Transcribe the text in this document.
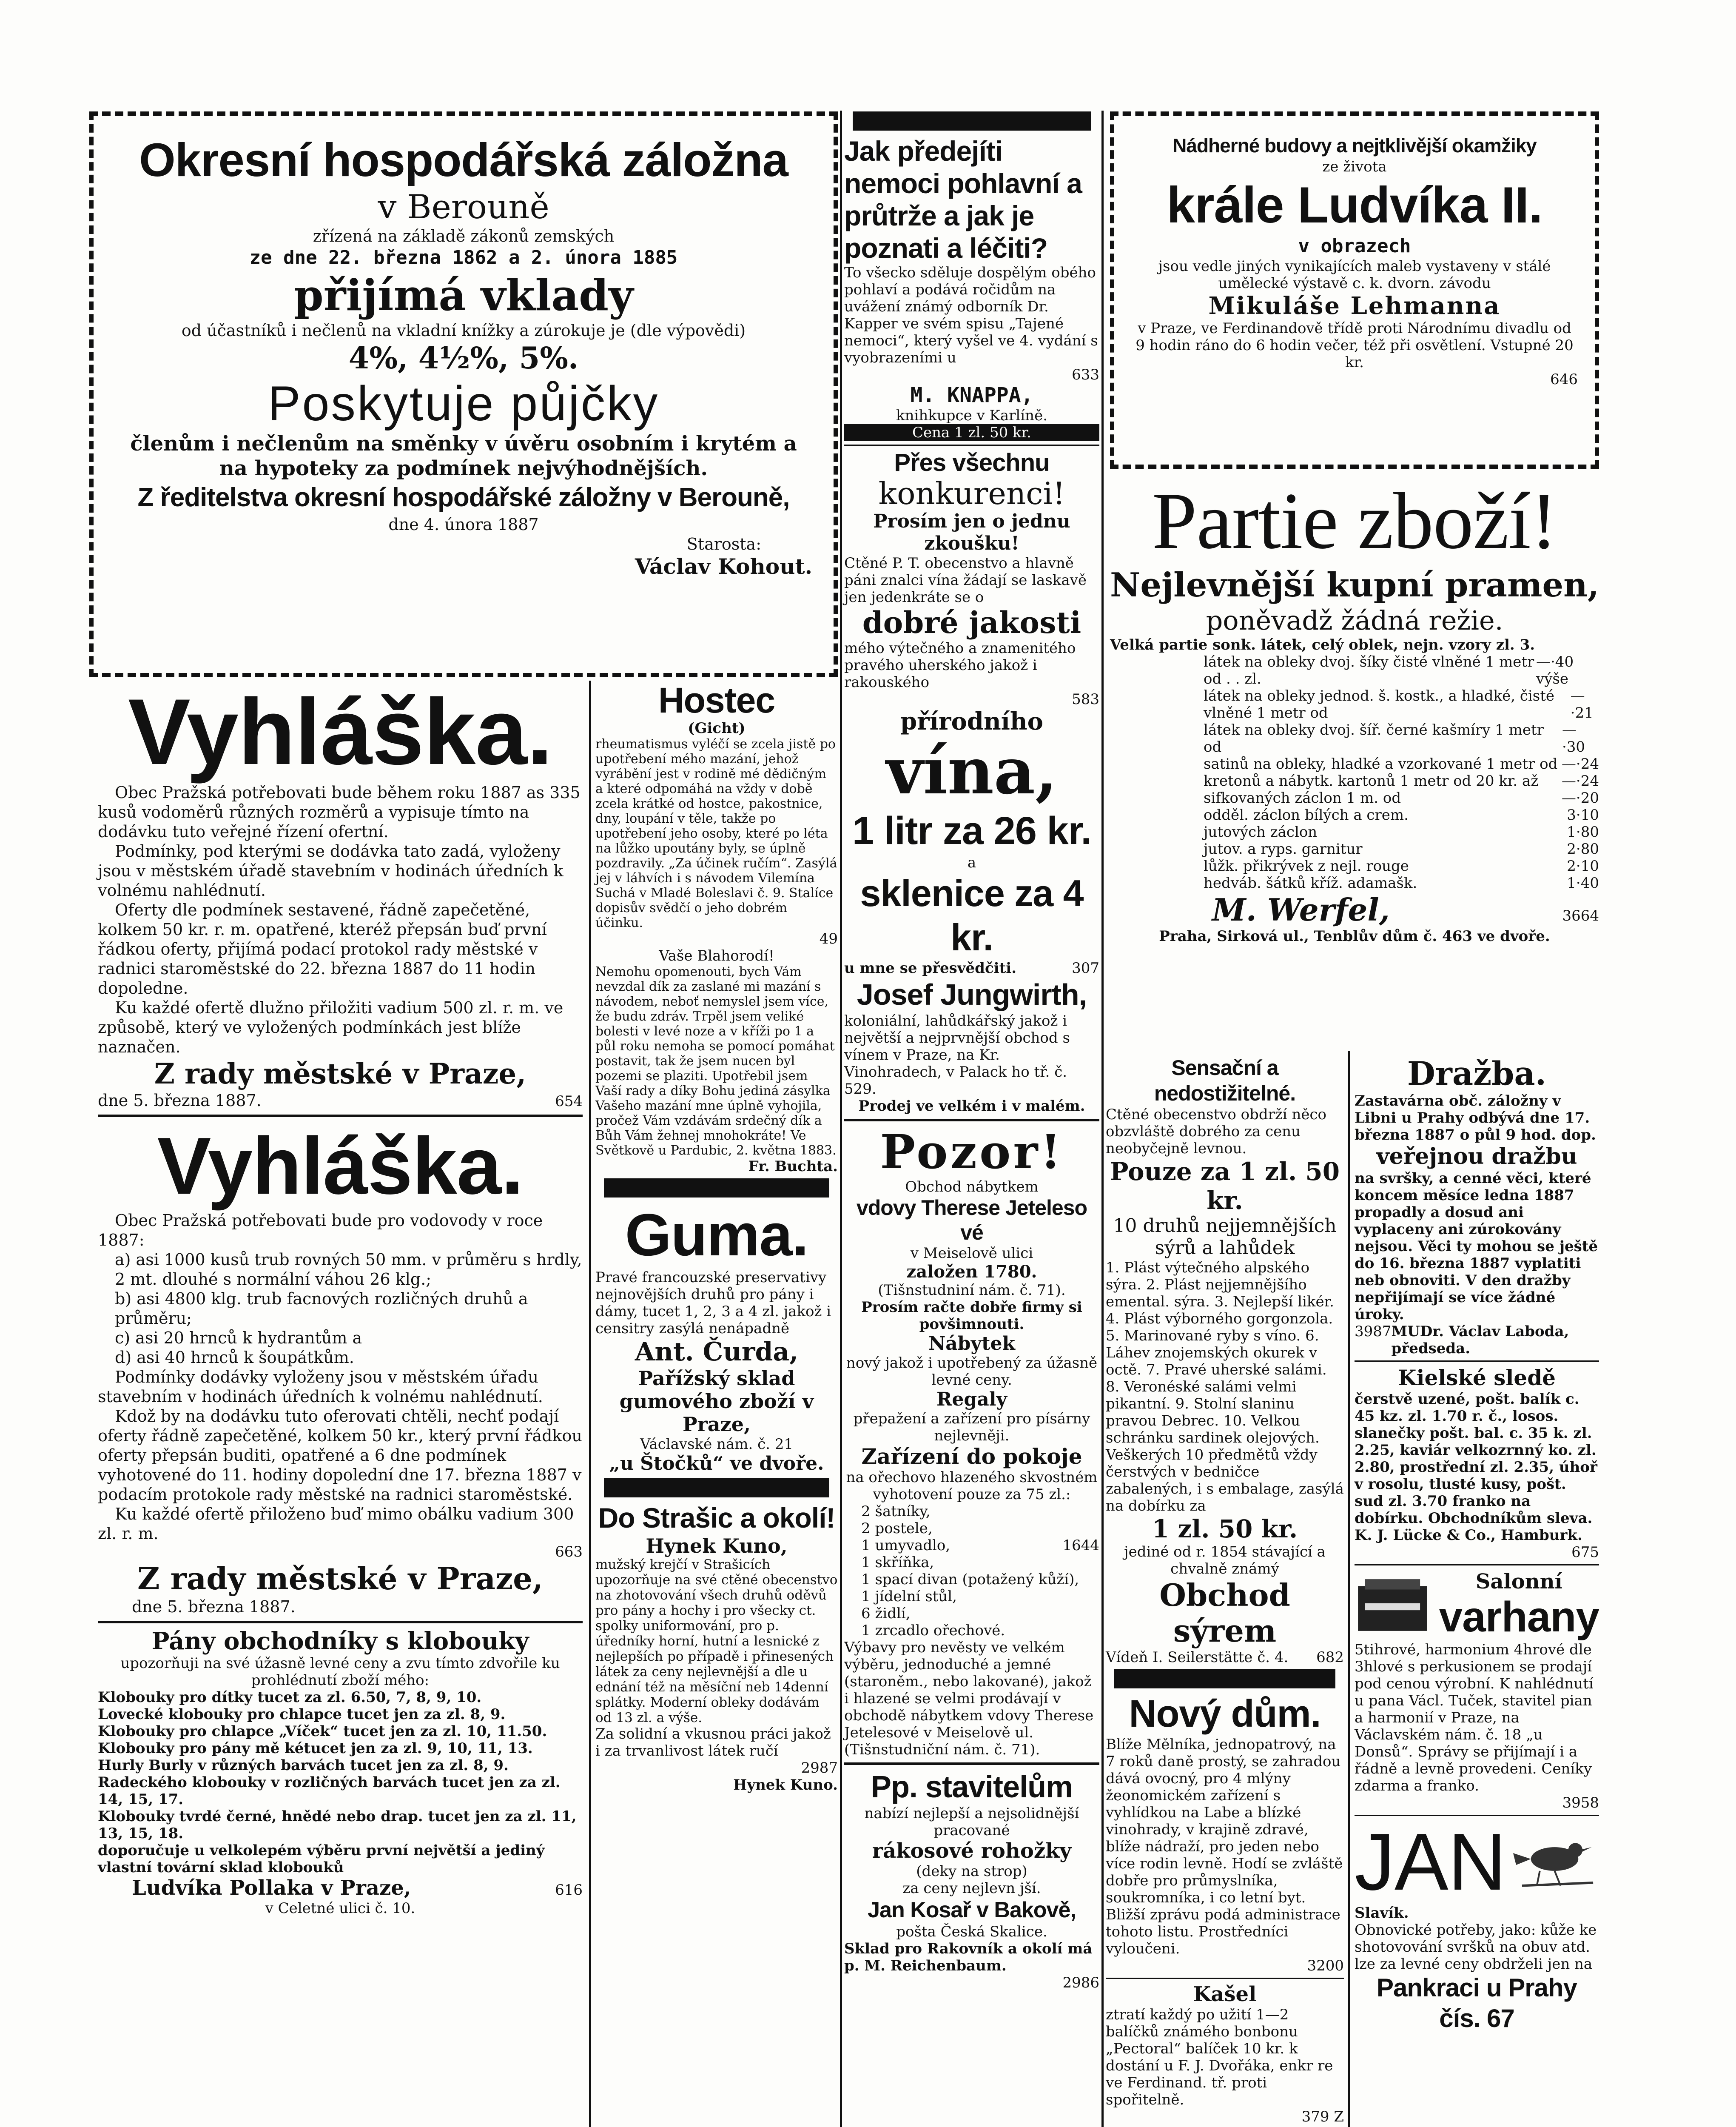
Okresní hospodářská záložna

v Berouně

zřízená na základě zákonů zemských

ze dne 22. března 1862 a 2. února 1885

přijímá vklady

od účastníků i nečlenů na vkladní knížky a zúrokuje je (dle výpovědi)

4%, 4½%, 5%.

Poskytuje půjčky

členům i nečlenům na směnky v úvěru osobním i krytém a na hypoteky za podmínek nejvýhodnějších.

Z ředitelstva okresní hospodářské záložny v Berouně,

dne 4. února 1887

Starosta:

Václav Kohout.

Vyhláška.

Obec Pražská potřebovati bude během roku 1887 as 335 kusů vodoměrů různých rozměrů a vypisuje tímto na dodávku tuto veřejné řízení ofertní.

Podmínky, pod kterými se dodávka tato zadá, vyloženy jsou v městském úřadě stavebním v hodinách úředních k volnému nahlédnutí.

Oferty dle podmínek sestavené, řádně zapečetěné, kolkem 50 kr. r. m. opatřené, kteréž přepsán buď první řádkou oferty, přijímá podací protokol rady městské v radnici staroměstské do 22. března 1887 do 11 hodin dopoledne.

Ku každé ofertě dlužno přiložiti vadium 500 zl. r. m. ve způsobě, který ve vyložených podmínkách jest blíže naznačen.

Z rady městské v Praze,

dne 5. března 1887.	654

Vyhláška.

Obec Pražská potřebovati bude pro vodovody v roce 1887:

a) asi 1000 kusů trub rovných 50 mm. v průměru s hrdly, 2 mt. dlouhé s normální váhou 26 klg.;

b) asi 4800 klg. trub facnových rozličných druhů a průměru;

c) asi 20 hrnců k hydrantům a

d) asi 40 hrnců k šoupátkům.

Podmínky dodávky vyloženy jsou v městském úřadu stavebním v hodinách úředních k volnému nahlédnutí.

Kdož by na dodávku tuto oferovati chtěli, nechť podají oferty řádně zapečetěné, kolkem 50 kr., který první řádkou oferty přepsán buditi, opatřené a 6 dne podmínek vyhotovené do 11. hodiny dopolední dne 17. března 1887 v podacím protokole rady městské na radnici staroměstské.

Ku každé ofertě přiloženo buď mimo obálku vadium 300 zl. r. m.

663

Z rady městské v Praze,

dne 5. března 1887.

Pány obchodníky s klobouky

upozorňuji na své úžasně levné ceny a zvu tímto zdvořile ku prohlédnutí zboží mého:

Klobouky pro dítky tucet za zl. 6.50, 7, 8, 9, 10.

Lovecké klobouky pro chlapce tucet jen za zl. 8, 9.

Klobouky pro chlapce „Víček“ tucet jen za zl. 10, 11.50.

Klobouky pro pány mě kétucet jen za zl. 9, 10, 11, 13.

Hurly Burly v různých barvách tucet jen za zl. 8, 9.

Radeckého klobouky v rozličných barvách tucet jen za zl. 14, 15, 17.

Klobouky tvrdé černé, hnědé nebo drap. tucet jen za zl. 11, 13, 15, 18.

doporučuje u velkolepém výběru první největší a jediný vlastní tovární sklad klobouků

Ludvíka Pollaka v Praze,	616

v Celetné ulici č. 10.

Hostec

(Gicht)

rheumatismus vyléčí se zcela jistě po upotřebení mého mazání, jehož vyrábění jest v rodině mé dědičným a které odpomáhá na vždy v době zcela krátké od hostce, pakostnice, dny, loupání v těle, takže po upotřebení jeho osoby, které po léta na lůžko upoutány byly, se úplně pozdravily. „Za účinek ručím“. Zasýlá jej v láhvích i s návodem Vilemína Suchá v Mladé Boleslavi č. 9. Stalíce dopisův svědčí o jeho dobrém účinku.

49

Vaše Blahorodí!

Nemohu opomenouti, bych Vám nevzdal dík za zaslané mi mazání s návodem, neboť nemyslel jsem více, že budu zdráv. Trpěl jsem veliké bolesti v levé noze a v kříži po 1 a půl roku nemoha se pomocí pomáhat postavit, tak že jsem nucen byl pozemi se plaziti. Upotřebil jsem Vaší rady a díky Bohu jediná zásylka Vašeho mazání mne úplně vyhojila, pročež Vám vzdávám srdečný dík a Bůh Vám žehnej mnohokráte! Ve Světkově u Pardubic, 2. května 1883.

Fr. Buchta.

Guma.

Pravé francouzské preservativy nejnovějších druhů pro pány i dámy, tucet 1, 2, 3 a 4 zl. jakož i censitry zasýlá nenápadně

Ant. Čurda,

Pařížský sklad gumového zboží v Praze,

Václavské nám. č. 21

„u Štočků“ ve dvoře.

Do Strašic a okolí!

Hynek Kuno,

mužský krejčí v Strašicích upozorňuje na své ctěné obecenstvo na zhotovování všech druhů oděvů pro pány a hochy i pro všecky ct. spolky uniformování, pro p. úředníky horní, hutní a lesnické z nejlepších po případě i přinesených látek za ceny nejlevnější a dle u ednání též na měsíční neb 14denní splátky. Moderní obleky dodávám od 13 zl. a výše.

Za solidní a vkusnou práci jakož i za trvanlivost látek ručí

2987

Hynek Kuno.

Jak předejíti nemoci pohlavní a průtrže a jak je poznati a léčiti?

To všecko sděluje dospělým obého pohlaví a podává ročidům na uvážení známý odborník Dr. Kapper ve svém spisu „Tajené nemoci“, který vyšel ve 4. vydání s vyobrazeními u

633

M. KNAPPA,

knihkupce v Karlíně.

Cena 1 zl. 50 kr.

Přes všechnu

konkurenci!

Prosím jen o jednu zkoušku!

Ctěné P. T. obecenstvo a hlavně páni znalci vína žádají se laskavě jen jedenkráte se o

dobré jakosti

mého výtečného a znamenitého pravého uherského jakož i rakouského

583

přírodního

vína,

1 litr za 26 kr.

a

sklenice za 4 kr.

u mne se přesvědčiti.	307

Josef Jungwirth,

koloniální, lahůdkářský jakož i největší a nejprvnější obchod s vínem v Praze, na Kr. Vinohradech, v Palack ho tř. č. 529.

Prodej ve velkém i v malém.

Pozor!

Obchod nábytkem

vdovy Therese Jeteleso vé

v Meiselově ulici

založen 1780.

(Tišnstudniní nám. č. 71).

Prosím račte dobře firmy si povšimnouti.

Nábytek

nový jakož i upotřebený za úžasně levné ceny.

Regaly

přepažení a zařízení pro písárny nejlevněji.

Zařízení do pokoje

na ořechovo hlazeného skvostném vyhotovení pouze za 75 zl.:

2 šatníky,

2 postele,

1 umyvadlo,	1644

1 skříňka,

1 spací divan (potažený kůží),

1 jídelní stůl,

6 židlí,

1 zrcadlo ořechové.

Výbavy pro nevěsty ve velkém výběru, jednoduché a jemné (staroněm., nebo lakované), jakož i hlazené se velmi prodávají v obchodě nábytkem vdovy Therese Jetelesové v Meiselově ul. (Tišnstudniční nám. č. 71).

Pp. stavitelům

nabízí nejlepší a nejsolidnější pracované

rákosové rohožky

(deky na strop)

za ceny nejlevn jší.

Jan Kosař v Bakově,

pošta Česká Skalice.

Sklad pro Rakovník a okolí má p. M. Reichenbaum.

2986

Nádherné budovy a nejtklivější okamžiky

ze života

krále Ludvíka II.

v obrazech

jsou vedle jiných vynikajících maleb vystaveny v stálé umělecké výstavě c. k. dvorn. závodu

Mikuláše Lehmanna

v Praze, ve Ferdinandově třídě proti Národnímu divadlu od 9 hodin ráno do 6 hodin večer, též při osvětlení. Vstupné 20 kr.

646

Partie zboží!

Nejlevnější kupní pramen,

poněvadž žádná režie.

Velká partie sonk. látek, celý oblek, nejn. vzory zl. 3.

látek na obleky dvoj. šíky čisté vlněné 1 metr od . . zl.
—·40 výše
látek na obleky jednod. š. kostk., a hladké, čisté vlněné 1 metr od
—·21
látek na obleky dvoj. šíř. černé kašmíry 1 metr od
—·30
satinů na obleky, hladké a vzorkované 1 metr od —·24
kretonů a nábytk. kartonů 1 metr od 20 kr. až —·24
sifkovaných záclon 1 m. od	—·20
odděl. záclon bílých a crem.	3·10
jutových záclon	1·80
jutov. a ryps. garnitur	2·80
lůžk. přikrývek z nejl. rouge	2·10
hedváb. šátků kříž. adamašk.	1·40
M. Werfel,	3664

Praha, Sirková ul., Tenblův dům č. 463 ve dvoře.

Sensační a nedostižitelné.

Ctěné obecenstvo obdrží něco obzvláště dobrého za cenu neobyčejně levnou.

Pouze za 1 zl. 50 kr.

10 druhů nejjemnějších sýrů a lahůdek

1. Plást výtečného alpského sýra. 2. Plást nejjemnějšího emental. sýra. 3. Nejlepší likér. 4. Plást výborného gorgonzola. 5. Marinované ryby s víno. 6. Láhev znojemských okurek v octě. 7. Pravé uherské salámi. 8. Veronéské salámi velmi pikantní. 9. Stolní slaninu pravou Debrec. 10. Velkou schránku sardinek olejových. Veškerých 10 předmětů vždy čerstvých v bedničce zabalených, i s embalage, zasýlá na dobírku za

1 zl. 50 kr.

jediné od r. 1854 stávající a chvalně známý

Obchod sýrem

Vídeň I. Seilerstätte č. 4. 682

Nový dům.

Blíže Mělníka, jednopatrový, na 7 roků daně prostý, se zahradou dává ovocný, pro 4 mlýny žeonomickém zařízení s vyhlídkou na Labe a blízké vinohrady, v krajině zdravé, blíže nádraží, pro jeden nebo více rodin levně. Hodí se zvláště dobře pro průmyslníka, soukromníka, i co letní byt. Bližší zprávu podá administrace tohoto listu. Prostředníci vyloučeni.

3200

Kašel

ztratí každý po užití 1—2 balíčků známého bonbonu „Pectoral“ balíček 10 kr. k dostání u F. J. Dvořáka, enkr re ve Ferdinand. tř. proti spořitelně.

379 Z

Dražba.

Zastavárna obč. záložny v Libni u Prahy odbývá dne 17. března 1887 o půl 9 hod. dop.

veřejnou dražbu

na svršky, a cenné věci, které koncem měsíce ledna 1887 propadly a dosud ani vyplaceny ani zúrokovány nejsou. Věci ty mohou se ještě do 16. března 1887 vyplatiti neb obnoviti. V den dražby nepřijímají se více žádné úroky.

3987 MUDr. Václav Laboda, předseda.

Kielské sledě

čerstvě uzené, pošt. balík c. 45 kz. zl. 1.70 r. č., losos. slanečky pošt. bal. c. 35 k. zl. 2.25, kaviár velkozrnný ko. zl. 2.80, prostřední zl. 2.35, úhoř v rosolu, tlusté kusy, pošt. sud zl. 3.70 franko na dobírku. Obchodníkům sleva. K. J. Lücke & Co., Hamburk.

675

Salonní

varhany

5tihrové, harmonium 4hrové dle 3hlové s perkusionem se prodají pod cenou výrobní. K nahlédnutí u pana Václ. Tuček, stavitel pian a harmonií v Praze, na Václavském nám. č. 18 „u Donsů“. Správy se přijímají i a řádně a levně provedeni. Ceníky zdarma a franko.

3958

JAN

Slavík.

Obnovické potřeby, jako: kůže ke shotovování svršků na obuv atd. lze za levné ceny obdrželi jen na

Pankraci u Prahy čís. 67
